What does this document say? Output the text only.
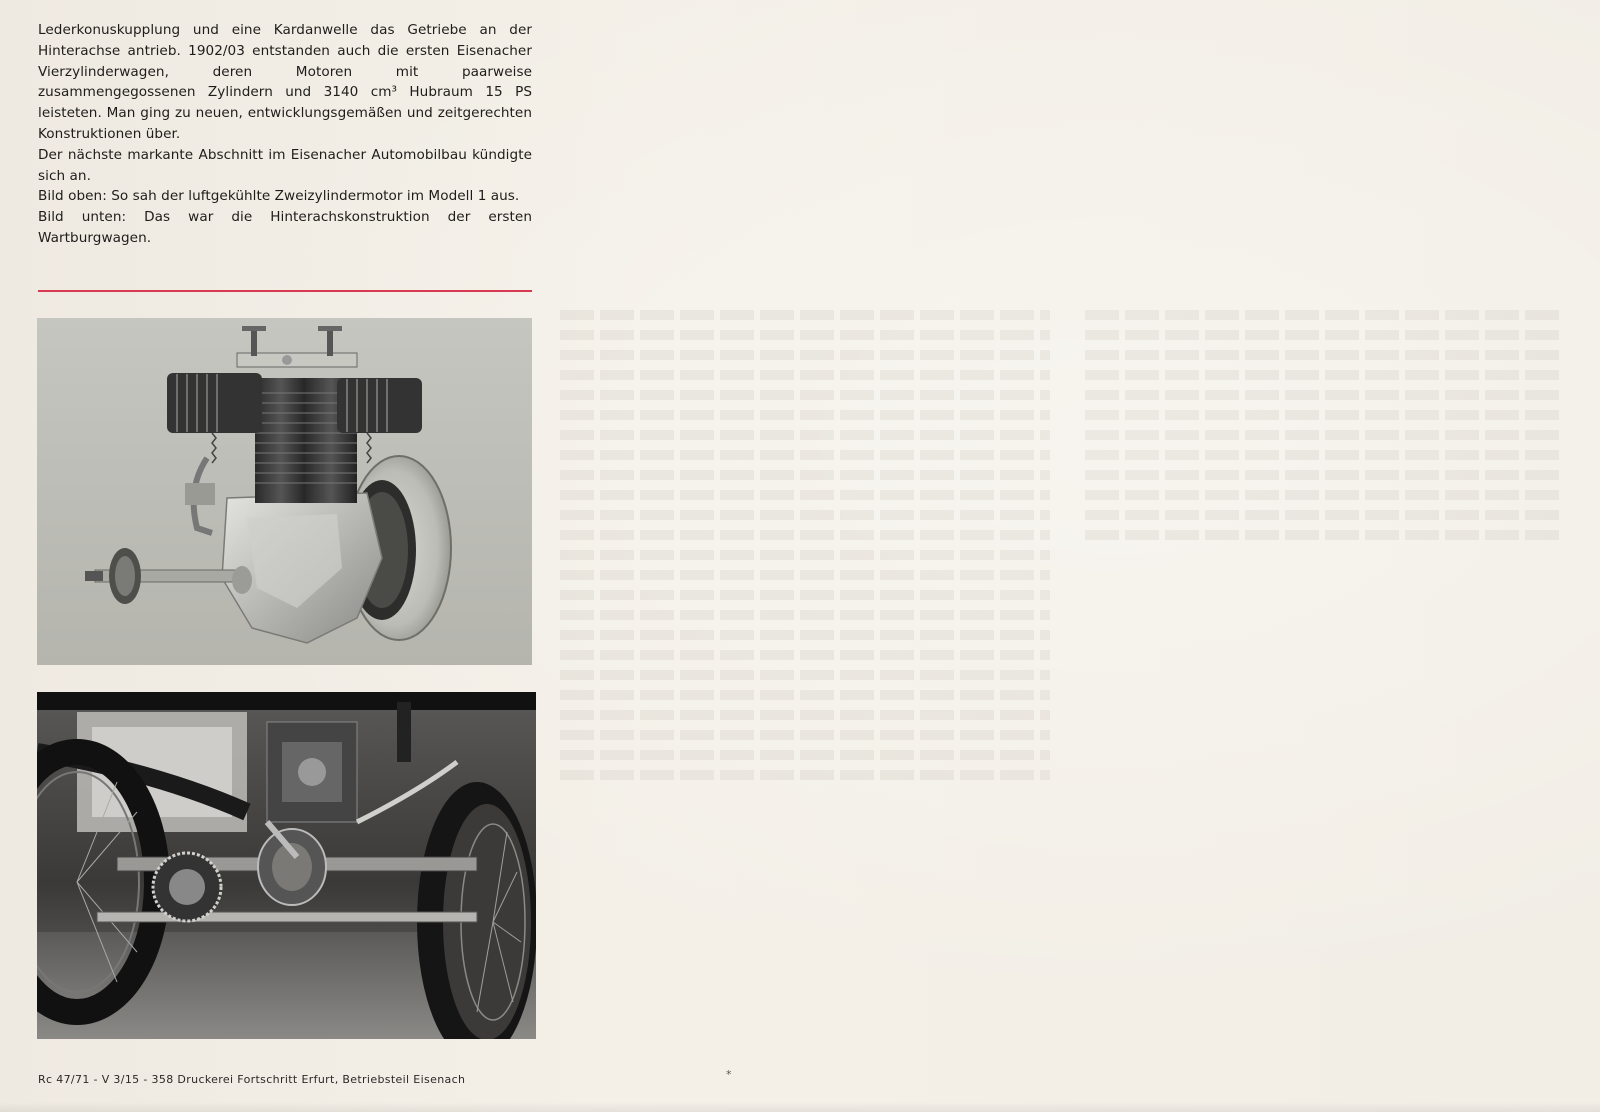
Lederkonuskupplung und eine Kardanwelle das Getriebe an der Hinterachse antrieb. 1902/03 entstanden auch die ersten Eisenacher Vierzylinderwagen, deren Motoren mit paarweise zusammengegossenen Zylindern und 3140 cm³ Hubraum 15 PS leisteten. Man ging zu neuen, entwicklungsgemäßen und zeitgerechten Konstruktionen über.

Der nächste markante Abschnitt im Eisenacher Automobilbau kündigte sich an.

Bild oben: So sah der luftgekühlte Zweizylindermotor im Modell 1 aus.

Bild unten: Das war die Hinterachskonstruktion der ersten Wartburgwagen.

Rc 47/71 - V 3/15 - 358 Druckerei Fortschritt Erfurt, Betriebsteil Eisenach	*
